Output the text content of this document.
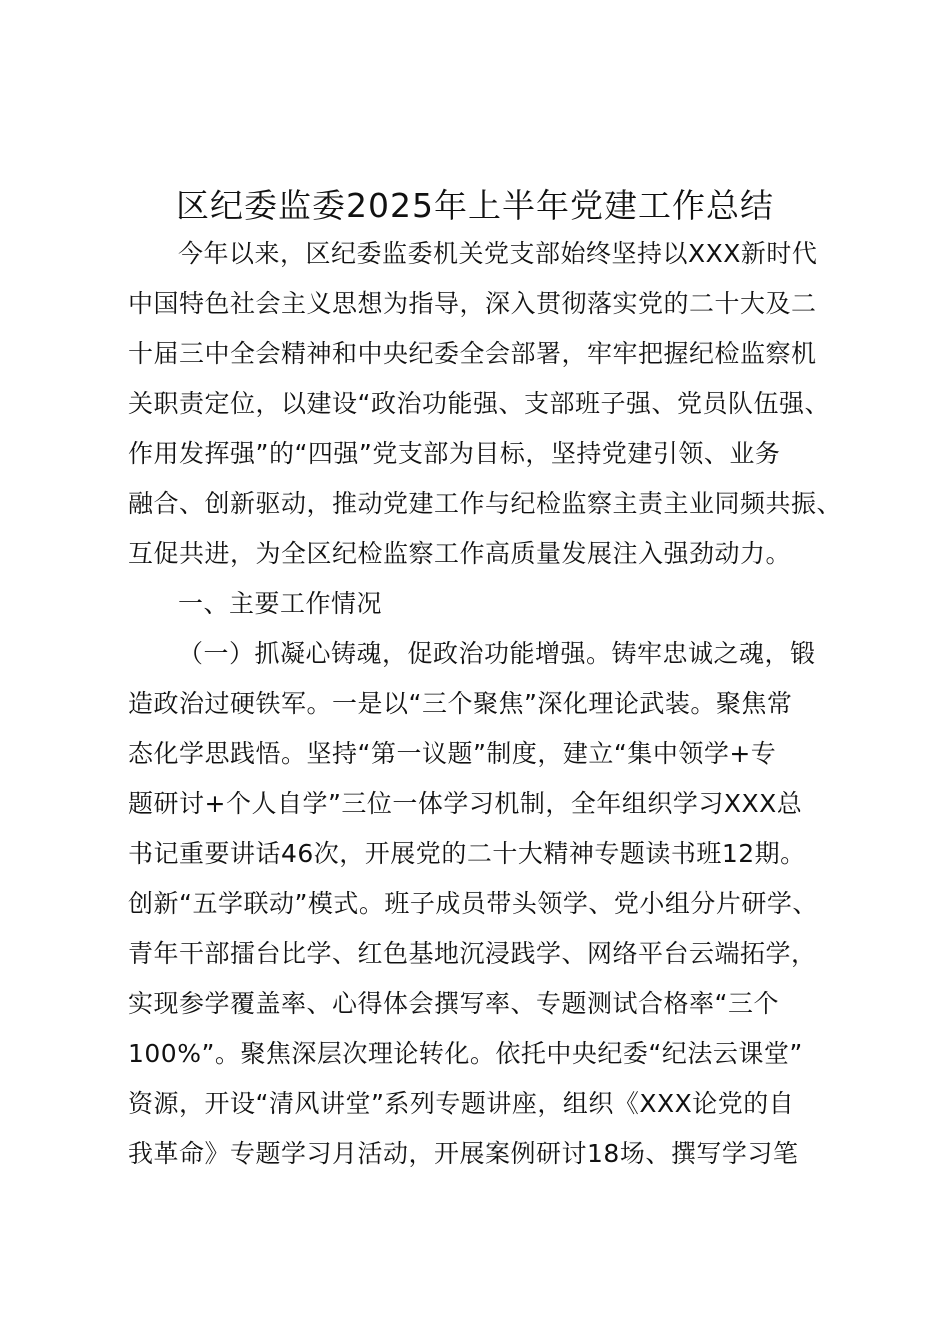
区纪委监委2025年上半年党建工作总结
今年以来，区纪委监委机关党支部始终坚持以XXX新时代
中国特色社会主义思想为指导，深入贯彻落实党的二十大及二
十届三中全会精神和中央纪委全会部署，牢牢把握纪检监察机
关职责定位，以建设“政治功能强、支部班子强、党员队伍强、
作用发挥强”的“四强”党支部为目标，坚持党建引领、业务
融合、创新驱动，推动党建工作与纪检监察主责主业同频共振、
互促共进，为全区纪检监察工作高质量发展注入强劲动力。
一、主要工作情况
（一）抓凝心铸魂，促政治功能增强。铸牢忠诚之魂，锻
造政治过硬铁军。一是以“三个聚焦”深化理论武装。聚焦常
态化学思践悟。坚持“第一议题”制度，建立“集中领学+专
题研讨+个人自学”三位一体学习机制，全年组织学习XXX总
书记重要讲话46次，开展党的二十大精神专题读书班12期。
创新“五学联动”模式。班子成员带头领学、党小组分片研学、
青年干部擂台比学、红色基地沉浸践学、网络平台云端拓学，
实现参学覆盖率、心得体会撰写率、专题测试合格率“三个
100%”。聚焦深层次理论转化。依托中央纪委“纪法云课堂”
资源，开设“清风讲堂”系列专题讲座，组织《XXX论党的自
我革命》专题学习月活动，开展案例研讨18场、撰写学习笔
